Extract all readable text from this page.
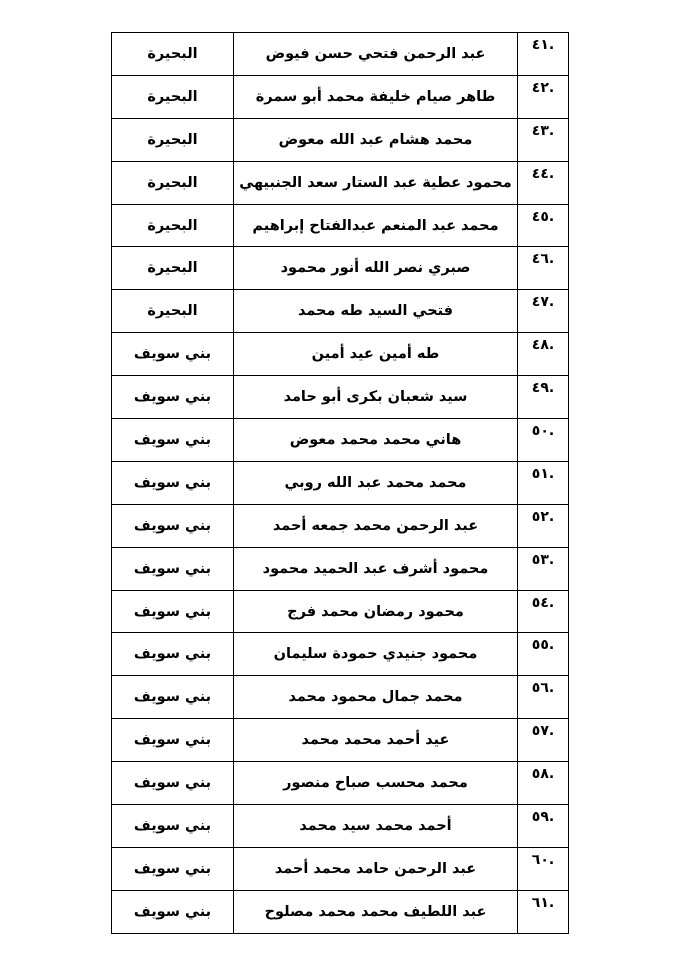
.٤١	عبد الرحمن فتحي حسن فيوض	البحيرة
.٤٢	طاهر صيام خليفة محمد أبو سمرة	البحيرة
.٤٣	محمد هشام عبد الله معوض	البحيرة
.٤٤	محمود عطية عبد الستار سعد الجنبيهي	البحيرة
.٤٥	محمد عبد المنعم عبدالفتاح إبراهيم	البحيرة
.٤٦	صبري نصر الله أنور محمود	البحيرة
.٤٧	فتحي السيد طه محمد	البحيرة
.٤٨	طه أمين عيد أمين	بني سويف
.٤٩	سيد شعبان بكرى أبو حامد	بني سويف
.٥٠	هاني محمد محمد معوض	بني سويف
.٥١	محمد محمد عبد الله روبي	بني سويف
.٥٢	عبد الرحمن محمد جمعه أحمد	بني سويف
.٥٣	محمود أشرف عبد الحميد محمود	بني سويف
.٥٤	محمود رمضان محمد فرج	بني سويف
.٥٥	محمود جنيدي حمودة سليمان	بني سويف
.٥٦	محمد جمال محمود محمد	بني سويف
.٥٧	عيد أحمد محمد محمد	بني سويف
.٥٨	محمد محسب صباح منصور	بني سويف
.٥٩	أحمد محمد سيد محمد	بني سويف
.٦٠	عبد الرحمن حامد محمد أحمد	بني سويف
.٦١	عبد اللطيف محمد محمد مصلوح	بني سويف
